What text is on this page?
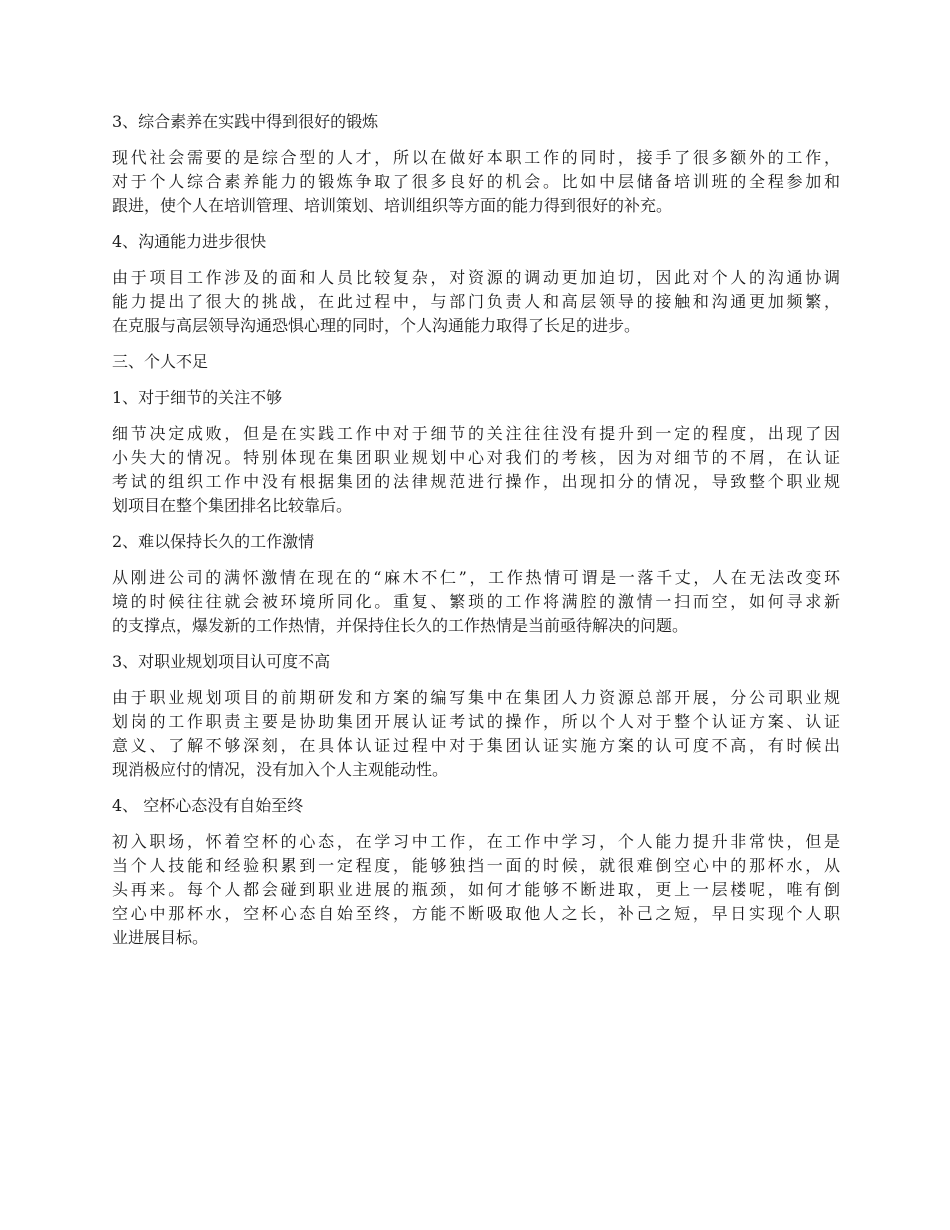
3、综合素养在实践中得到很好的锻炼

现代社会需要的是综合型的人才，所以在做好本职工作的同时，接手了很多额外的工作，
对于个人综合素养能力的锻炼争取了很多良好的机会。比如中层储备培训班的全程参加和
跟进，使个人在培训管理、培训策划、培训组织等方面的能力得到很好的补充。

4、沟通能力进步很快

由于项目工作涉及的面和人员比较复杂，对资源的调动更加迫切，因此对个人的沟通协调
能力提出了很大的挑战，在此过程中，与部门负责人和高层领导的接触和沟通更加频繁，
在克服与高层领导沟通恐惧心理的同时，个人沟通能力取得了长足的进步。

三、个人不足

1、对于细节的关注不够

细节决定成败，但是在实践工作中对于细节的关注往往没有提升到一定的程度，出现了因
小失大的情况。特别体现在集团职业规划中心对我们的考核，因为对细节的不屑，在认证
考试的组织工作中没有根据集团的法律规范进行操作，出现扣分的情况，导致整个职业规
划项目在整个集团排名比较靠后。

2、难以保持长久的工作激情

从刚进公司的满怀激情在现在的“麻木不仁”，工作热情可谓是一落千丈，人在无法改变环
境的时候往往就会被环境所同化。重复、繁琐的工作将满腔的激情一扫而空，如何寻求新
的支撑点，爆发新的工作热情，并保持住长久的工作热情是当前亟待解决的问题。

3、对职业规划项目认可度不高

由于职业规划项目的前期研发和方案的编写集中在集团人力资源总部开展，分公司职业规
划岗的工作职责主要是协助集团开展认证考试的操作，所以个人对于整个认证方案、认证
意义、了解不够深刻，在具体认证过程中对于集团认证实施方案的认可度不高，有时候出
现消极应付的情况，没有加入个人主观能动性。

4、 空杯心态没有自始至终

初入职场，怀着空杯的心态，在学习中工作，在工作中学习，个人能力提升非常快，但是
当个人技能和经验积累到一定程度，能够独挡一面的时候，就很难倒空心中的那杯水，从
头再来。每个人都会碰到职业进展的瓶颈，如何才能够不断进取，更上一层楼呢，唯有倒
空心中那杯水，空杯心态自始至终，方能不断吸取他人之长，补己之短，早日实现个人职
业进展目标。
